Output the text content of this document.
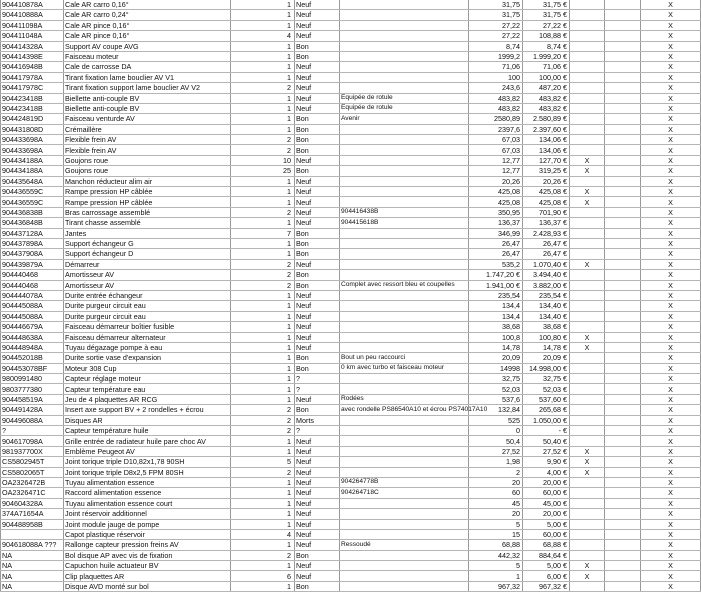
904410878A	Cale AR carro 0,16°	1	Neuf			31,75	31,75 €			X
904410888A	Cale AR carro 0,24°	1	Neuf			31,75	31,75 €			X
904411098A	Cale AR pince 0,16°	1	Neuf			27,22	27,22 €			X
904411048A	Cale AR pince 0,16°	4	Neuf			27,22	108,88 €			X
904414328A	Support AV coupe AVG	1	Bon			8,74	8,74 €			X
904414398E	Faisceau moteur	1	Bon			1999,2	1.999,20 €			X
904416948B	Cale de carrosse DA	1	Neuf			71,06	71,06 €			X
904417978A	Tirant fixation lame bouclier AV V1	1	Neuf			100	100,00 €			X
904417978C	Tirant fixation support lame bouclier AV V2	2	Neuf			243,6	487,20 €			X
904423418B	Biellette anti-couple BV	1	Neuf	Equipée de rotule		483,82	483,82 €			X
904423418B	Biellette anti-couple BV	1	Neuf	Equipée de rotule		483,82	483,82 €			X
904424819D	Faisceau venturde AV	1	Bon	Avenir		2580,89	2.580,89 €			X
904431808D	Crémaillère	1	Bon			2397,6	2.397,60 €			X
904433698A	Flexible frein AV	2	Bon			67,03	134,06 €			X
904433698A	Flexible frein AV	2	Bon			67,03	134,06 €			X
904434188A	Goujons roue	10	Neuf			12,77	127,70 €	X		X
904434188A	Goujons roue	25	Bon			12,77	319,25 €	X		X
904435648A	Manchon réducteur alim air	1	Neuf			20,26	20,26 €			X
904436559C	Rampe pression HP câblée	1	Neuf			425,08	425,08 €	X		X
904436559C	Rampe pression HP câblée	1	Neuf			425,08	425,08 €	X		X
904436838B	Bras carrossage assemblé	2	Neuf	904416438B		350,95	701,90 €			X
904436848B	Tirant chasse assemblé	1	Neuf	904415618B		136,37	136,37 €			X
904437128A	Jantes	7	Bon			346,99	2.428,93 €			X
904437898A	Support échangeur G	1	Bon			26,47	26,47 €			X
904437908A	Support échangeur D	1	Bon			26,47	26,47 €			X
904439879A	Démarreur	2	Neuf			535,2	1.070,40 €	X		X
904440468	Amortisseur AV	2	Bon			1.747,20 €	3.494,40 €			X
904440468	Amortisseur AV	2	Bon	Complet avec ressort bleu et coupelles		1.941,00 €	3.882,00 €			X
904444078A	Durite entrée échangeur	1	Neuf			235,54	235,54 €			X
904445088A	Durite purgeur circuit eau	1	Neuf			134,4	134,40 €			X
904445088A	Durite purgeur circuit eau	1	Neuf			134,4	134,40 €			X
904446679A	Faisceau démarreur boîtier fusible	1	Neuf			38,68	38,68 €			X
904448638A	Faisceau démarreur alternateur	1	Neuf			100,8	100,80 €	X		X
904448948A	Tuyau dégazage pompe à eau	1	Neuf			14,78	14,78 €	X		X
904452018B	Durite sortie vase d'expansion	1	Bon	Bout un peu raccourci		20,09	20,09 €			X
904453078BF	Moteur 308 Cup	1	Bon	0 km avec turbo et faisceau moteur		14998	14.998,00 €			X
9800991480	Capteur réglage moteur	1	?			32,75	32,75 €			X
9803777380	Capteur température eau	1	?			52,03	52,03 €			X
904458519A	Jeu de 4 plaquettes AR RCG	1	Neuf	Rodées		537,6	537,60 €			X
904491428A	Insert axe support BV + 2 rondelles + écrou	2	Bon	avec rondelle PS86540A10 et écrou PS74017A10		132,84	265,68 €			X
904496088A	Disques AR	2	Morts			525	1.050,00 €			X
?	Capteur température huile	2	?			0	- €			X
904617098A	Grille entrée de radiateur huile pare choc AV	1	Neuf			50,4	50,40 €			X
981937700X	Emblème Peugeot AV	1	Neuf			27,52	27,52 €	X		X
CS5802945T	Joint torique triple D10,82x1,78 90SH	5	Neuf			1,98	9,90 €	X		X
CS5802065T	Joint torique triple D8x2,5 FPM 80SH	2	Neuf			2	4,00 €	X		X
OA2326472B	Tuyau alimentation essence	1	Neuf	904264778B		20	20,00 €			X
OA2326471C	Raccord alimentation essence	1	Neuf	904264718C		60	60,00 €			X
904604328A	Tuyau alimentation essence court	1	Neuf			45	45,00 €			X
374A71654A	Joint réservoir additionnel	1	Neuf			20	20,00 €			X
904488958B	Joint module jauge de pompe	1	Neuf			5	5,00 €			X
	Capot plastique réservoir	4	Neuf			15	60,00 €			X
904618088A ???	Rallonge capteur pression freins AV	1	Neuf	Ressoudé		68,88	68,88 €			X
NA	Bol disque AP avec vis de fixation	2	Bon			442,32	884,64 €			X
NA	Capuchon huile actuateur BV	1	Neuf			5	5,00 €	X		X
NA	Clip plaquettes AR	6	Neuf			1	6,00 €	X		X
NA	Disque AVD monté sur bol	1	Bon			967,32	967,32 €			X
